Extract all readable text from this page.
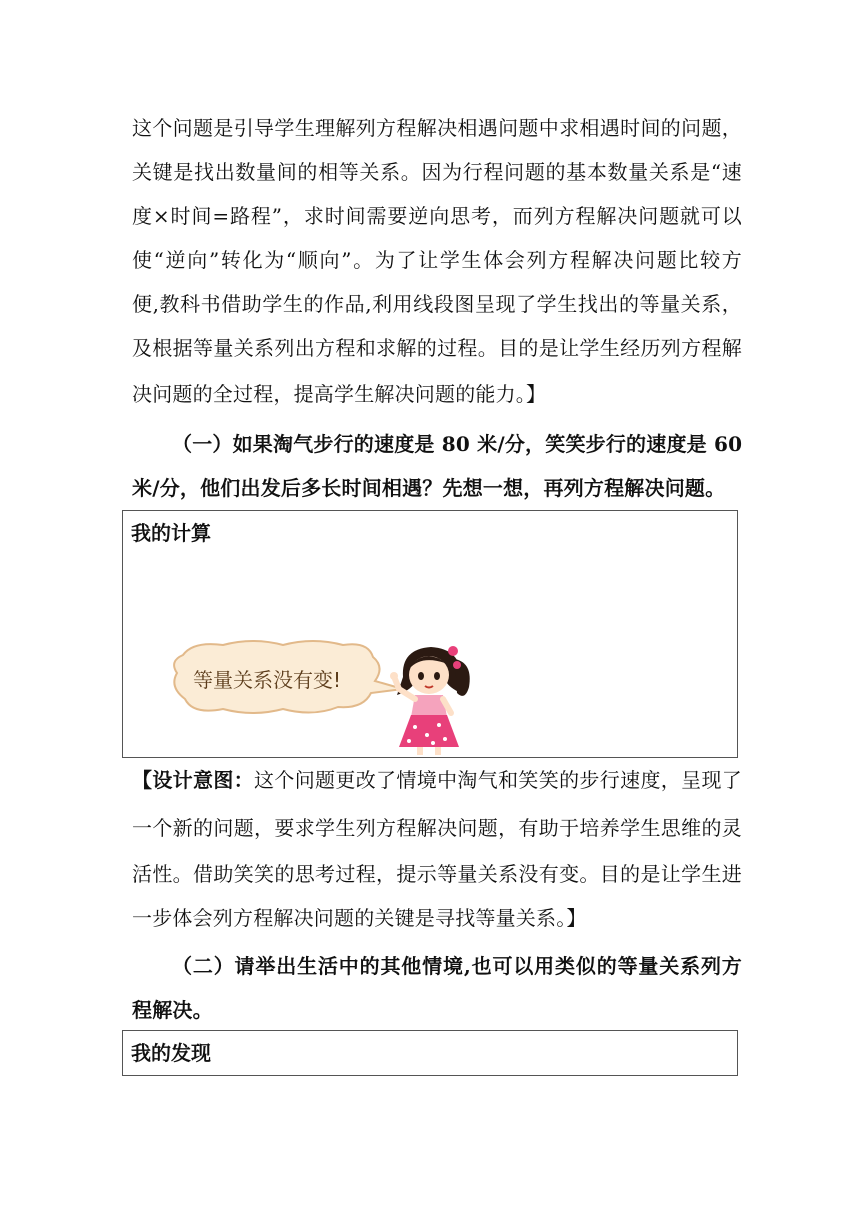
这个问题是引导学生理解列方程解决相遇问题中求相遇时间的问题，
关键是找出数量间的相等关系。因为行程问题的基本数量关系是“速
度×时间=路程”，求时间需要逆向思考，而列方程解决问题就可以
使“逆向”转化为“顺向”。为了让学生体会列方程解决问题比较方
便,教科书借助学生的作品,利用线段图呈现了学生找出的等量关系，
及根据等量关系列出方程和求解的过程。目的是让学生经历列方程解
决问题的全过程，提高学生解决问题的能力。】
（一）如果淘气步行的速度是 80 米/分，笑笑步行的速度是 60
米/分，他们出发后多长时间相遇？先想一想，再列方程解决问题。
我的计算
等量关系没有变!
【设计意图：这个问题更改了情境中淘气和笑笑的步行速度，呈现了
一个新的问题，要求学生列方程解决问题，有助于培养学生思维的灵
活性。借助笑笑的思考过程，提示等量关系没有变。目的是让学生进
一步体会列方程解决问题的关键是寻找等量关系。】
（二）请举出生活中的其他情境,也可以用类似的等量关系列方
程解决。
我的发现
